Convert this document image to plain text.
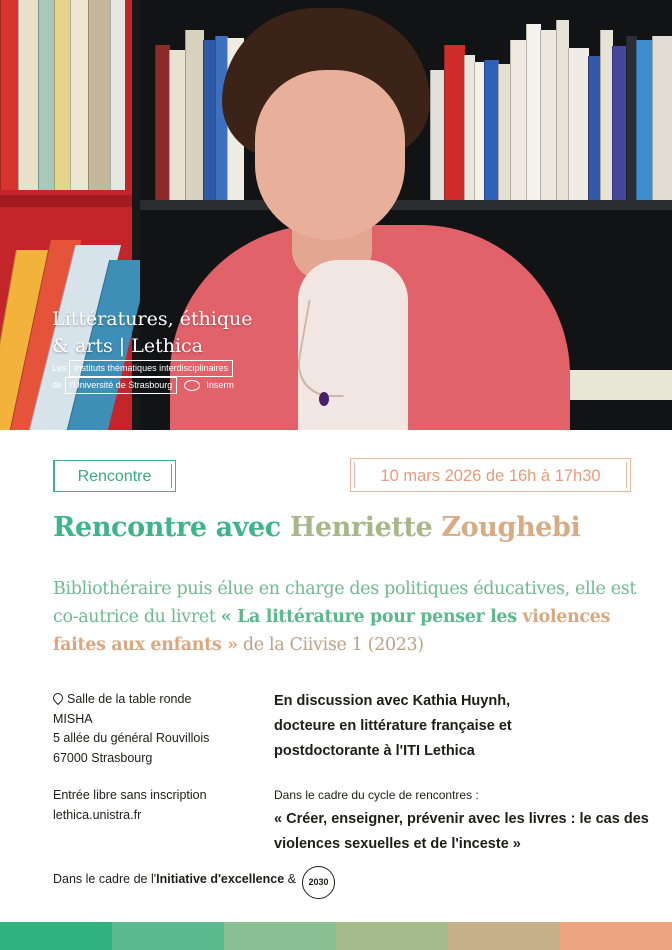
Littératures, éthique
& arts | Lethica
Les Instituts thématiques interdisciplinaires
de l'Université de Strasbourg	Inserm
Rencontre	10 mars 2026 de 16h à 17h30
Rencontre avec Henriette Zoughebi
Bibliothéraire puis élue en charge des politiques éducatives, elle est co-autrice du livret « La littérature pour penser les violences faites aux enfants » de la Ciivise 1 (2023)
Salle de la table ronde
MISHA
5 allée du général Rouvillois
67000 Strasbourg
Entrée libre sans inscription
lethica.unistra.fr
En discussion avec Kathia Huynh,
docteure en littérature française et
postdoctorante à l'ITI Lethica
Dans le cadre du cycle de rencontres :
« Créer, enseigner, prévenir avec les livres : le cas des violences sexuelles et de l'inceste »
Dans le cadre de l'Initiative d'excellence &	2030
